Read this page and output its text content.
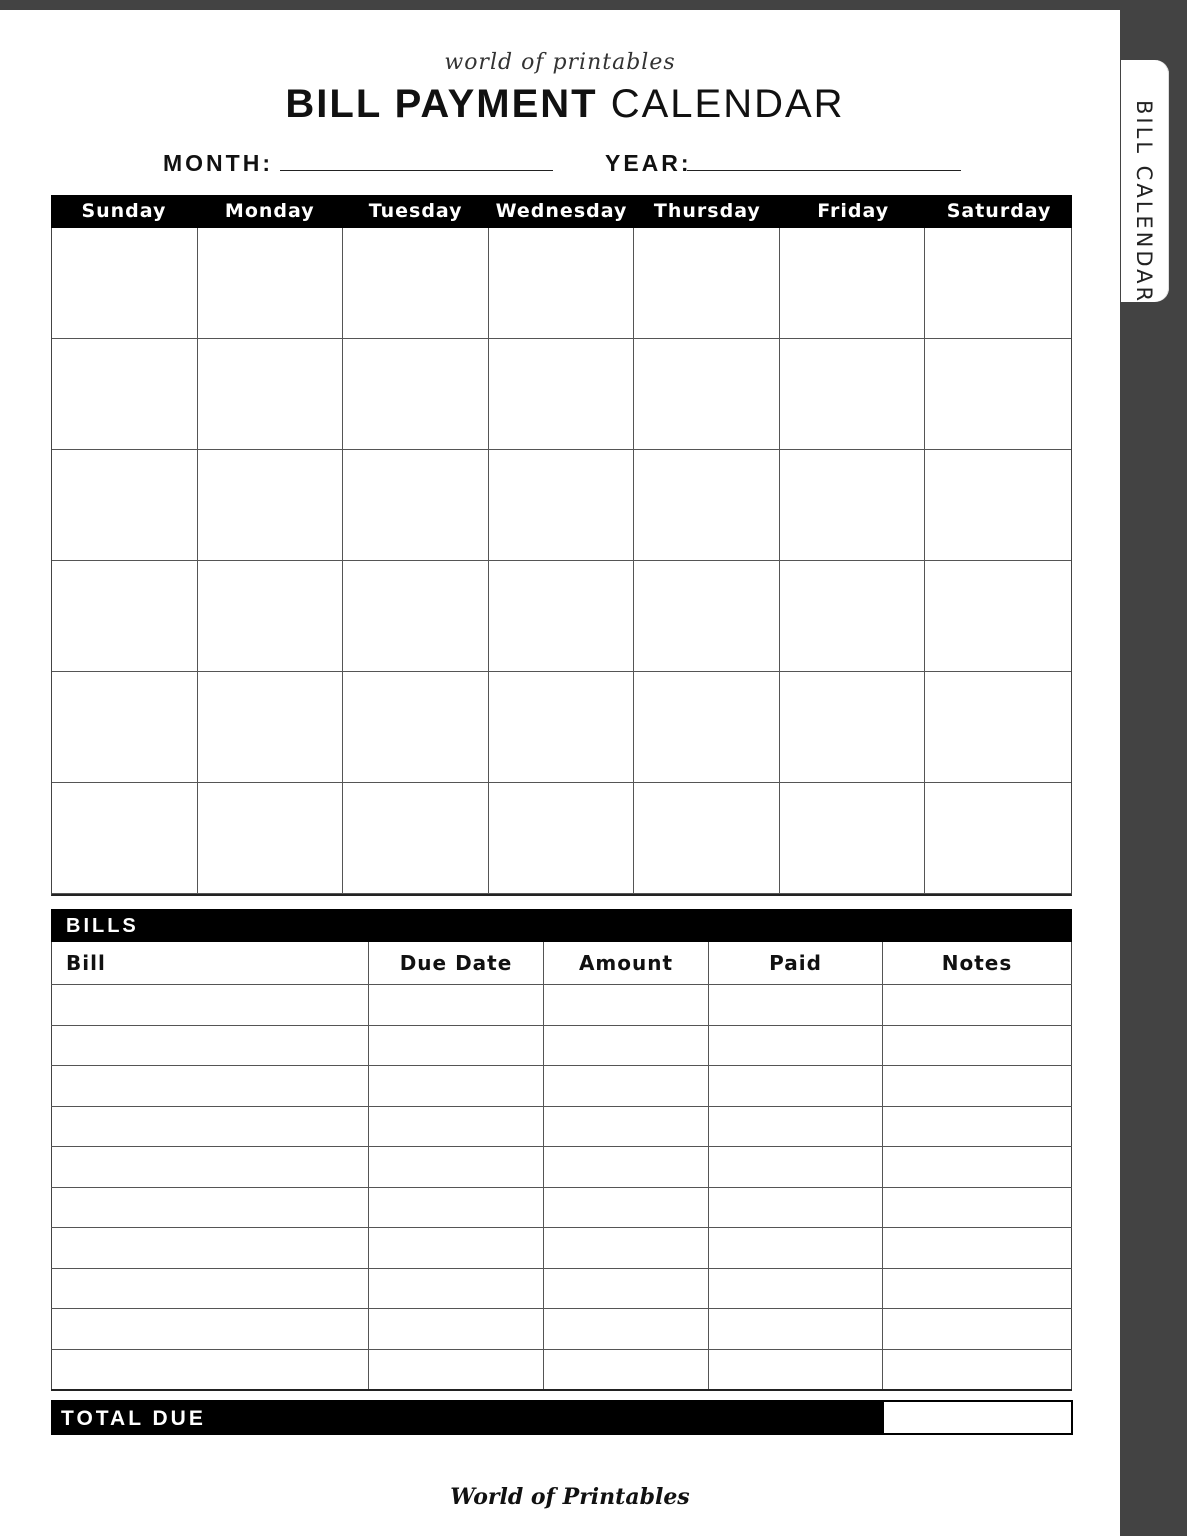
BILL CALENDAR
world of printables
BILL PAYMENT CALENDAR
MONTH:	YEAR:
Sunday	Monday	Tuesday	Wednesday	Thursday	Friday	Saturday
BILLS
Bill	Due Date	Amount	Paid	Notes

TOTAL DUE
World of Printables
